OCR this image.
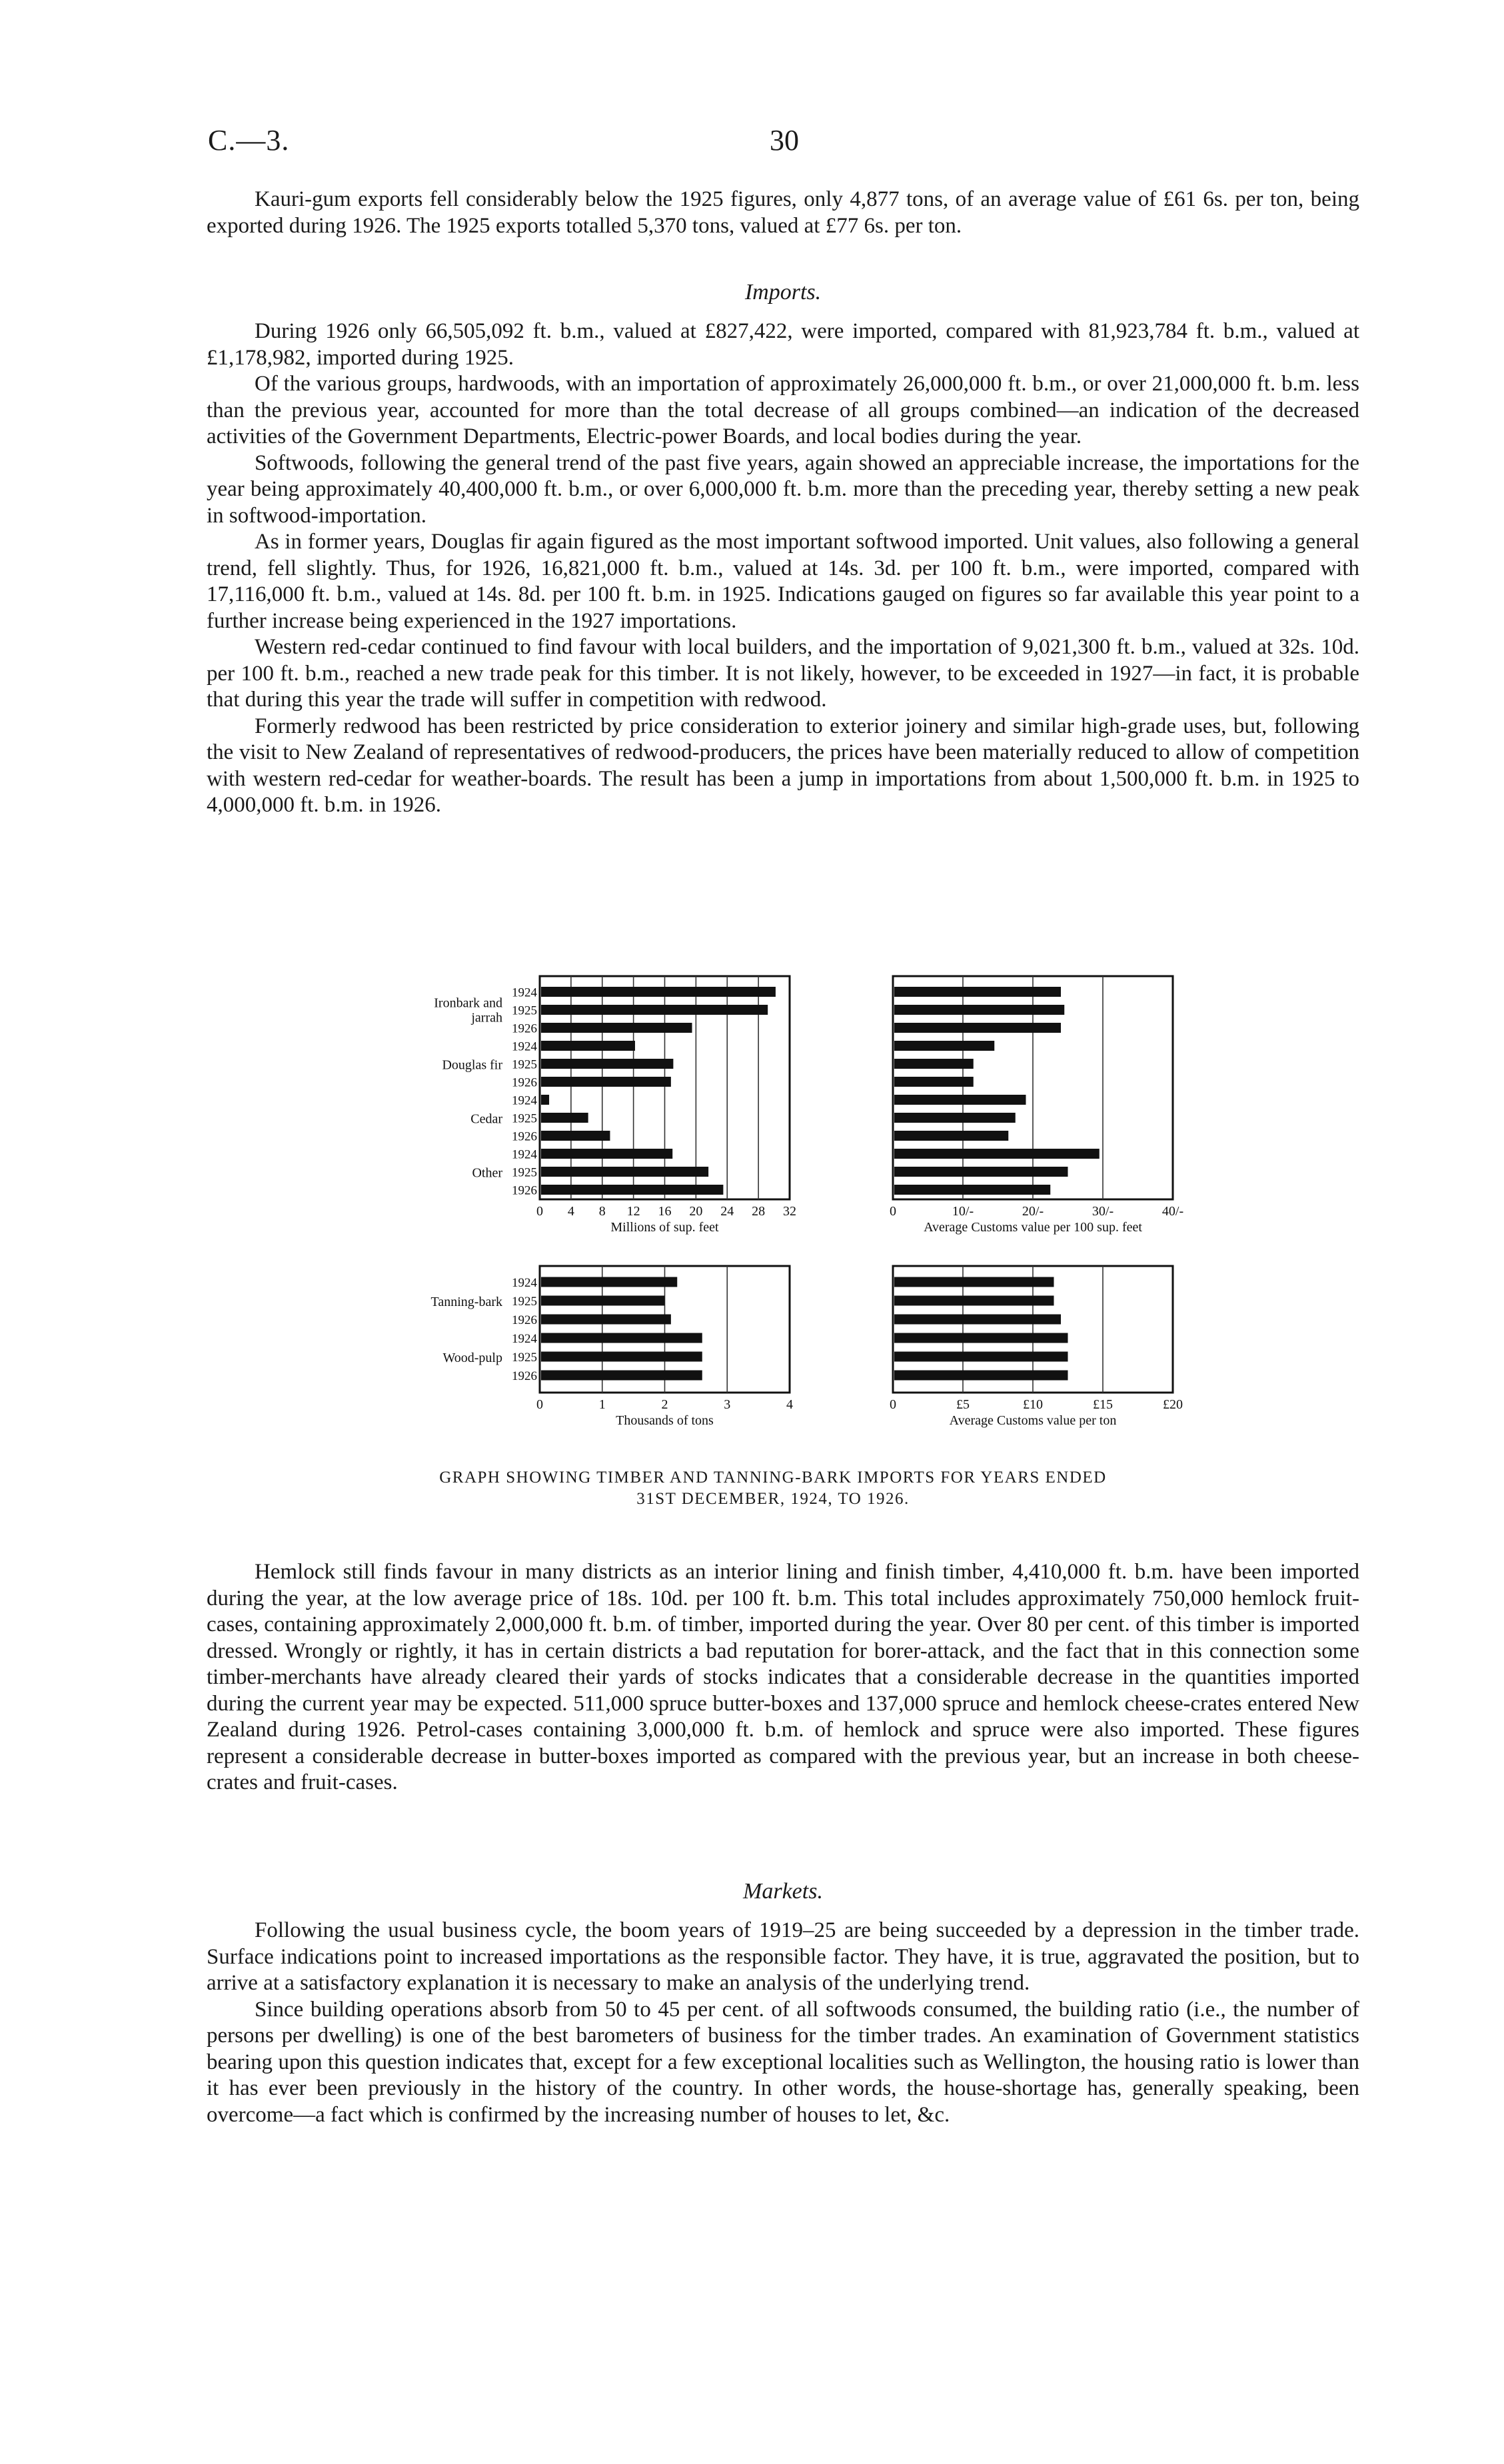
C.—3.	30

Kauri-gum exports fell considerably below the 1925 figures, only 4,877 tons, of an average value of £61 6s. per ton, being exported during 1926. The 1925 exports totalled 5,370 tons, valued at £77 6s. per ton.

Imports.

During 1926 only 66,505,092 ft. b.m., valued at £827,422, were imported, compared with 81,923,784 ft. b.m., valued at £1,178,982, imported during 1925.

Of the various groups, hardwoods, with an importation of approximately 26,000,000 ft. b.m., or over 21,000,000 ft. b.m. less than the previous year, accounted for more than the total decrease of all groups combined—an indication of the decreased activities of the Government Departments, Electric-power Boards, and local bodies during the year.

Softwoods, following the general trend of the past five years, again showed an appreciable increase, the importations for the year being approximately 40,400,000 ft. b.m., or over 6,000,000 ft. b.m. more than the preceding year, thereby setting a new peak in softwood-importation.

As in former years, Douglas fir again figured as the most important softwood imported. Unit values, also following a general trend, fell slightly. Thus, for 1926, 16,821,000 ft. b.m., valued at 14s. 3d. per 100 ft. b.m., were imported, compared with 17,116,000 ft. b.m., valued at 14s. 8d. per 100 ft. b.m. in 1925. Indications gauged on figures so far available this year point to a further increase being experienced in the 1927 importations.

Western red-cedar continued to find favour with local builders, and the importation of 9,021,300 ft. b.m., valued at 32s. 10d. per 100 ft. b.m., reached a new trade peak for this timber. It is not likely, however, to be exceeded in 1927—in fact, it is probable that during this year the trade will suffer in competition with redwood.

Formerly redwood has been restricted by price consideration to exterior joinery and similar high-grade uses, but, following the visit to New Zealand of representatives of redwood-producers, the prices have been materially reduced to allow of competition with western red-cedar for weather-boards. The result has been a jump in importations from about 1,500,000 ft. b.m. in 1925 to 4,000,000 ft. b.m. in 1926.

0 4 8 12 16 20 24 28 32
Millions of sup. feet
1924
1925
1926
Ironbark and
jarrah
1924
1925
1926
Douglas fir
1924
1925
1926
Cedar
1924
1925
1926
Other
0	10/-	20/-	30/-	40/-
Average Customs value per 100 sup. feet
0	1	2	3	4
Thousands of tons
1924
1925
1926
Tanning-bark
1924
1925
1926
Wood-pulp
0	£5	£10	£15	£20
Average Customs value per ton
GRAPH SHOWING TIMBER AND TANNING-BARK IMPORTS FOR YEARS ENDED
31ST DECEMBER, 1924, TO 1926.

Hemlock still finds favour in many districts as an interior lining and finish timber, 4,410,000 ft. b.m. have been imported during the year, at the low average price of 18s. 10d. per 100 ft. b.m. This total includes approximately 750,000 hemlock fruit-cases, containing approximately 2,000,000 ft. b.m. of timber, imported during the year. Over 80 per cent. of this timber is imported dressed. Wrongly or rightly, it has in certain districts a bad reputation for borer-attack, and the fact that in this connection some timber-merchants have already cleared their yards of stocks indicates that a considerable decrease in the quantities imported during the current year may be expected. 511,000 spruce butter-boxes and 137,000 spruce and hemlock cheese-crates entered New Zealand during 1926. Petrol-cases containing 3,000,000 ft. b.m. of hemlock and spruce were also imported. These figures represent a considerable decrease in butter-boxes imported as compared with the previous year, but an increase in both cheese-crates and fruit-cases.

Markets.

Following the usual business cycle, the boom years of 1919–25 are being succeeded by a depression in the timber trade. Surface indications point to increased importations as the responsible factor. They have, it is true, aggravated the position, but to arrive at a satisfactory explanation it is necessary to make an analysis of the underlying trend.

Since building operations absorb from 50 to 45 per cent. of all softwoods consumed, the building ratio (i.e., the number of persons per dwelling) is one of the best barometers of business for the timber trades. An examination of Government statistics bearing upon this question indicates that, except for a few exceptional localities such as Wellington, the housing ratio is lower than it has ever been previously in the history of the country. In other words, the house-shortage has, generally speaking, been overcome—a fact which is confirmed by the increasing number of houses to let, &c.
